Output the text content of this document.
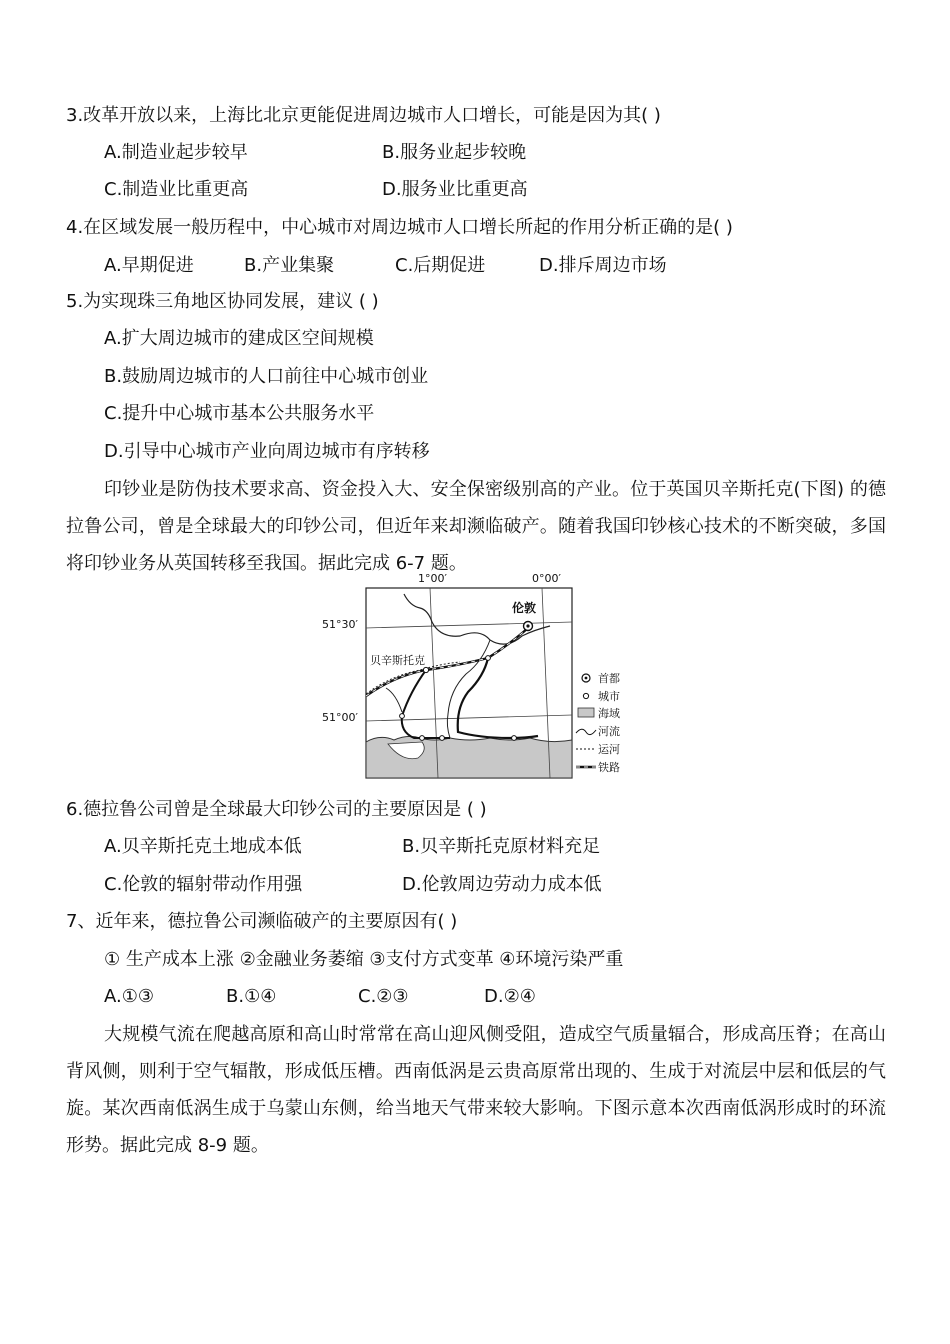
3.改革开放以来，上海比北京更能促进周边城市人口增长，可能是因为其( )
A.制造业起步较早	B.服务业起步较晚
C.制造业比重更高	D.服务业比重更高
4.在区域发展一般历程中，中心城市对周边城市人口增长所起的作用分析正确的是( )
A.早期促进	B.产业集聚	C.后期促进	D.排斥周边市场
5.为实现珠三角地区协同发展，建议 ( )
A.扩大周边城市的建成区空间规模
B.鼓励周边城市的人口前往中心城市创业
C.提升中心城市基本公共服务水平
D.引导中心城市产业向周边城市有序转移
印钞业是防伪技术要求高、资金投入大、安全保密级别高的产业。位于英国贝辛斯托克(下图) 的德拉鲁公司，曾是全球最大的印钞公司，但近年来却濒临破产。随着我国印钞核心技术的不断突破，多国将印钞业务从英国转移至我国。据此完成 6-7 题。
1°00′	0°00′
51°30′
51°00′
伦敦
贝辛斯托克
首都
城市
海域
河流
运河
铁路
6.德拉鲁公司曾是全球最大印钞公司的主要原因是 ( )
A.贝辛斯托克土地成本低	B.贝辛斯托克原材料充足
C.伦敦的辐射带动作用强	D.伦敦周边劳动力成本低
7、近年来，德拉鲁公司濒临破产的主要原因有( )
① 生产成本上涨 ②金融业务萎缩 ③支付方式变革 ④环境污染严重
A.①③	B.①④	C.②③	D.②④
大规模气流在爬越高原和高山时常常在高山迎风侧受阻，造成空气质量辐合，形成高压脊；在高山背风侧，则利于空气辐散，形成低压槽。西南低涡是云贵高原常出现的、生成于对流层中层和低层的气旋。某次西南低涡生成于乌蒙山东侧，给当地天气带来较大影响。下图示意本次西南低涡形成时的环流形势。据此完成 8-9 题。
